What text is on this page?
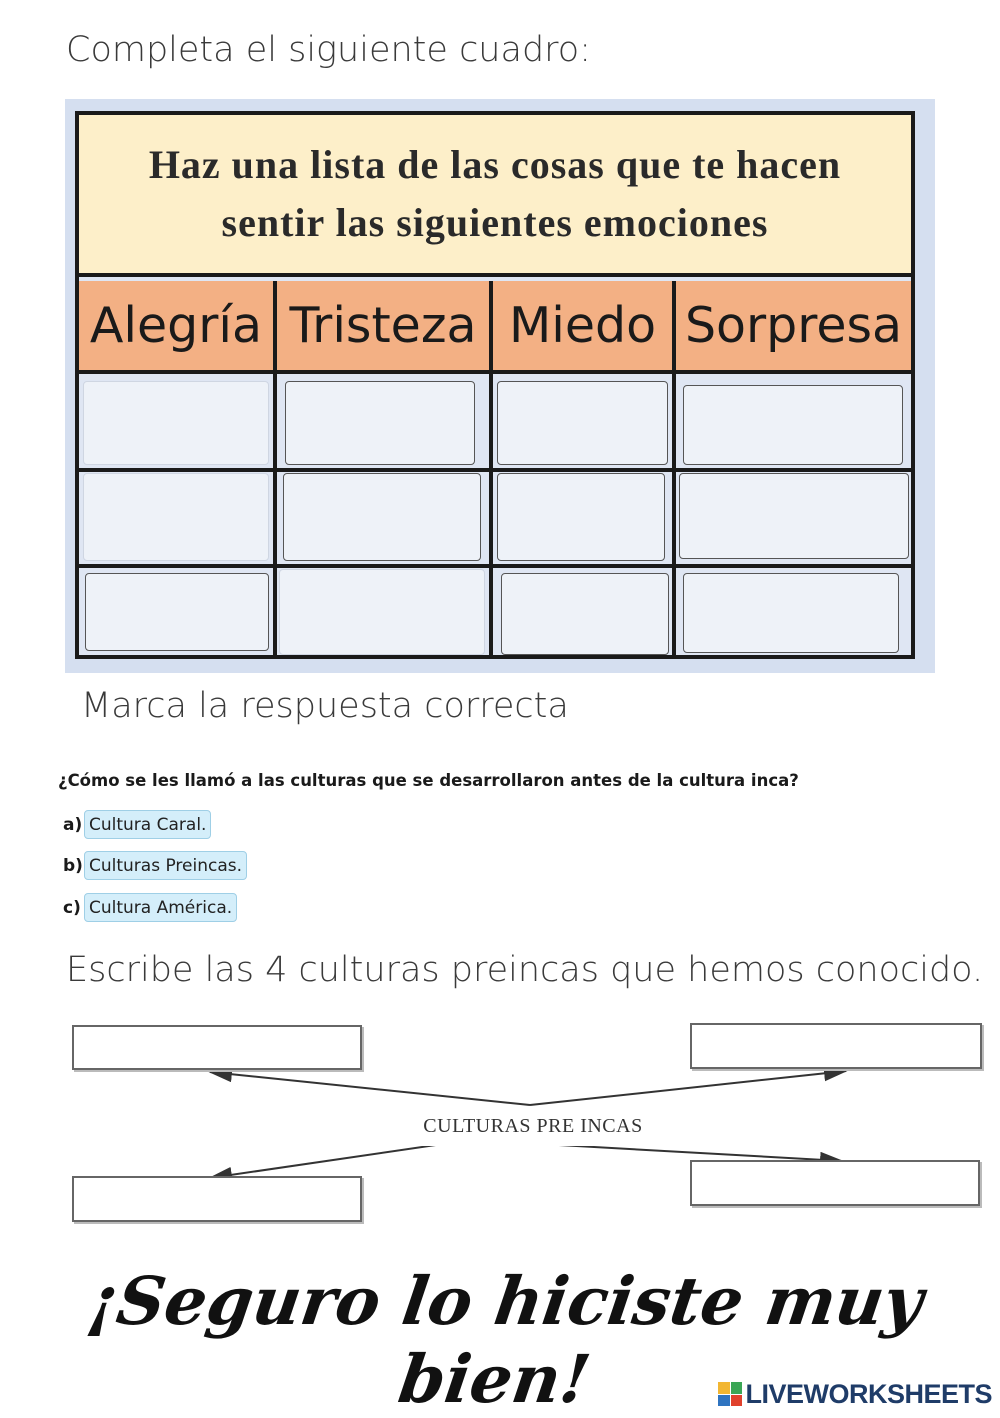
Completa el siguiente cuadro:
Haz una lista de las cosas que te hacen
sentir las siguientes emociones
Alegría Tristeza Miedo Sorpresa
Marca la respuesta correcta
¿Cómo se les llamó a las culturas que se desarrollaron antes de la cultura inca?
a) Cultura Caral.
b) Culturas Preincas.
c) Cultura América.
Escribe las 4 culturas preincas que hemos conocido.
CULTURAS PRE INCAS
¡Seguro lo hiciste muy bien!	LIVEWORKSHEETS
